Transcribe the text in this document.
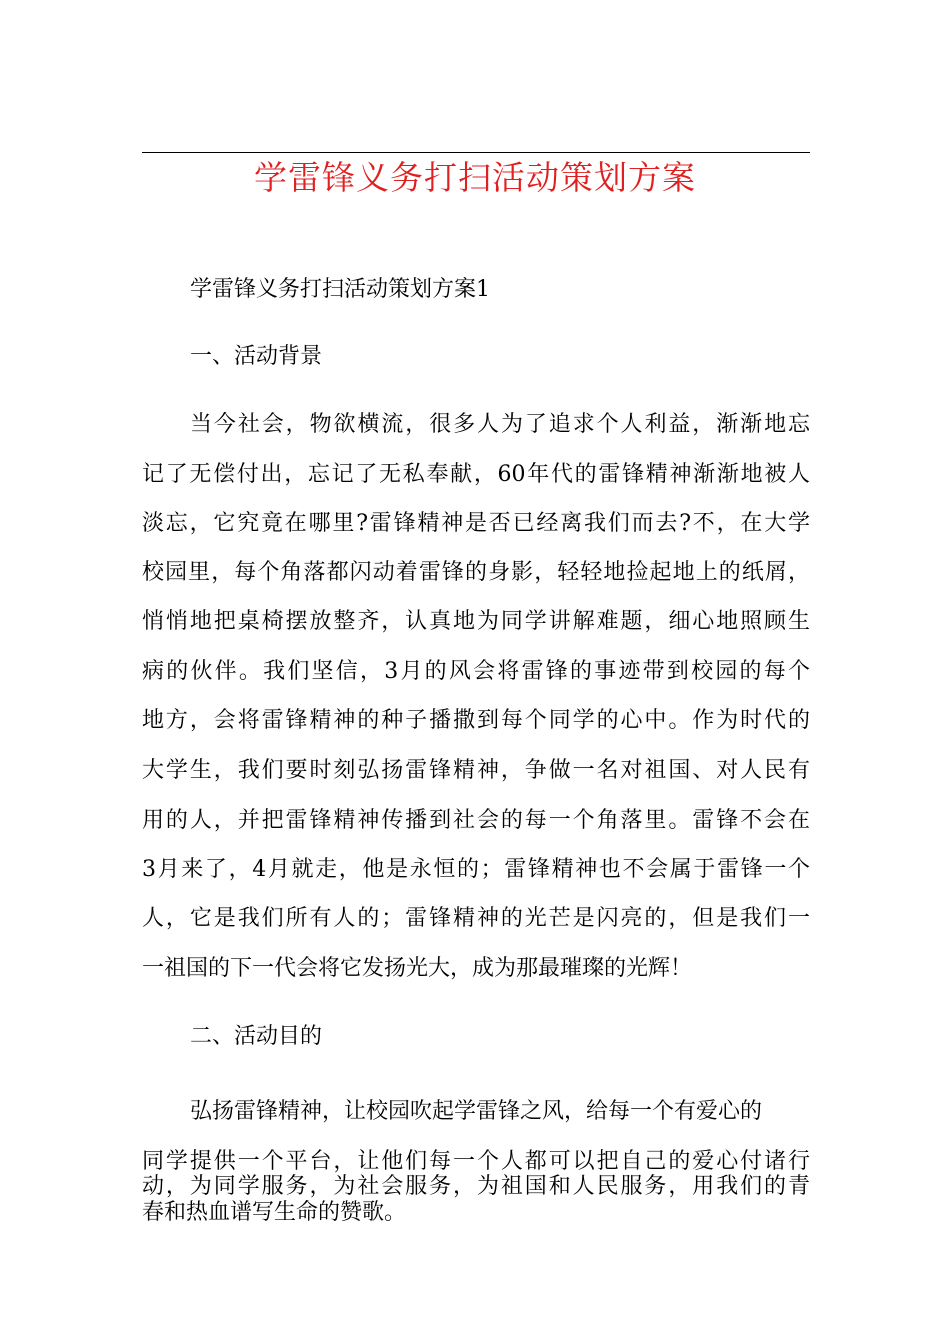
学雷锋义务打扫活动策划方案
学雷锋义务打扫活动策划方案1
一、活动背景
当今社会，物欲横流，很多人为了追求个人利益，渐渐地忘
记了无偿付出，忘记了无私奉献，60年代的雷锋精神渐渐地被人
淡忘，它究竟在哪里?雷锋精神是否已经离我们而去?不，在大学
校园里，每个角落都闪动着雷锋的身影，轻轻地捡起地上的纸屑，
悄悄地把桌椅摆放整齐，认真地为同学讲解难题，细心地照顾生
病的伙伴。我们坚信，3月的风会将雷锋的事迹带到校园的每个
地方，会将雷锋精神的种子播撒到每个同学的心中。作为时代的
大学生，我们要时刻弘扬雷锋精神，争做一名对祖国、对人民有
用的人，并把雷锋精神传播到社会的每一个角落里。雷锋不会在
3月来了，4月就走，他是永恒的；雷锋精神也不会属于雷锋一个
人，它是我们所有人的；雷锋精神的光芒是闪亮的，但是我们一
一祖国的下一代会将它发扬光大，成为那最璀璨的光辉！
二、活动目的
弘扬雷锋精神，让校园吹起学雷锋之风，给每一个有爱心的
同学提供一个平台，让他们每一个人都可以把自己的爱心付诸行
动，为同学服务，为社会服务，为祖国和人民服务，用我们的青
春和热血谱写生命的赞歌。
